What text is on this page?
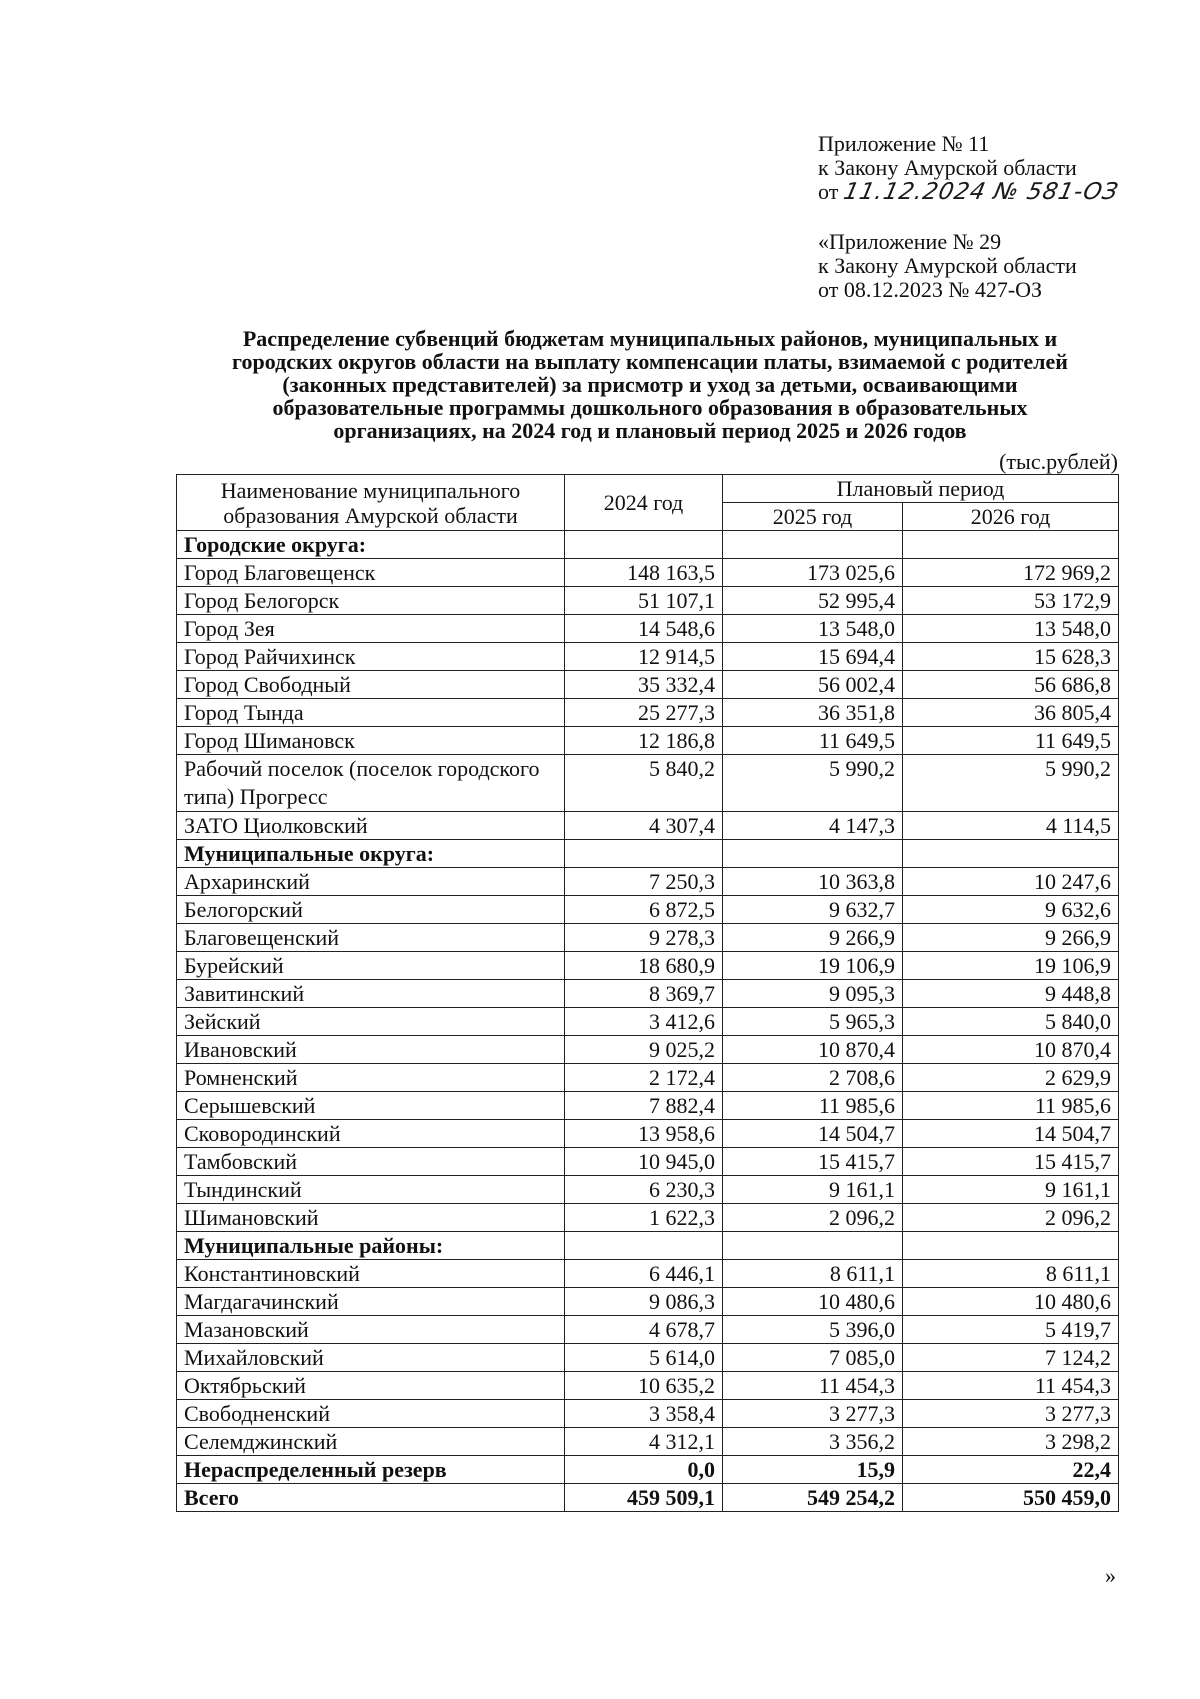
Приложение № 11
к Закону Амурской области
от 11.12.2024 № 581-ОЗ
«Приложение № 29
к Закону Амурской области
от 08.12.2023 № 427-ОЗ
Распределение субвенций бюджетам муниципальных районов, муниципальных и
городских округов области на выплату компенсации платы, взимаемой с родителей
(законных представителей) за присмотр и уход за детьми, осваивающими
образовательные программы дошкольного образования в образовательных
организациях, на 2024 год и плановый период 2025 и 2026 годов
(тыс.рублей)
Наименование муниципального образования Амурской области	2024 год	Плановый период	
		2025 год	2026 год
Городские округа:			
Город Благовещенск	148 163,5	173 025,6	172 969,2
Город Белогорск	51 107,1	52 995,4	53 172,9
Город Зея	14 548,6	13 548,0	13 548,0
Город Райчихинск	12 914,5	15 694,4	15 628,3
Город Свободный	35 332,4	56 002,4	56 686,8
Город Тында	25 277,3	36 351,8	36 805,4
Город Шимановск	12 186,8	11 649,5	11 649,5
Рабочий поселок (поселок городского типа) Прогресс	5 840,2	5 990,2	5 990,2
ЗАТО Циолковский	4 307,4	4 147,3	4 114,5
Муниципальные округа:			
Архаринский	7 250,3	10 363,8	10 247,6
Белогорский	6 872,5	9 632,7	9 632,6
Благовещенский	9 278,3	9 266,9	9 266,9
Бурейский	18 680,9	19 106,9	19 106,9
Завитинский	8 369,7	9 095,3	9 448,8
Зейский	3 412,6	5 965,3	5 840,0
Ивановский	9 025,2	10 870,4	10 870,4
Ромненский	2 172,4	2 708,6	2 629,9
Серышевский	7 882,4	11 985,6	11 985,6
Сковородинский	13 958,6	14 504,7	14 504,7
Тамбовский	10 945,0	15 415,7	15 415,7
Тындинский	6 230,3	9 161,1	9 161,1
Шимановский	1 622,3	2 096,2	2 096,2
Муниципальные районы:			
Константиновский	6 446,1	8 611,1	8 611,1
Магдагачинский	9 086,3	10 480,6	10 480,6
Мазановский	4 678,7	5 396,0	5 419,7
Михайловский	5 614,0	7 085,0	7 124,2
Октябрьский	10 635,2	11 454,3	11 454,3
Свободненский	3 358,4	3 277,3	3 277,3
Селемджинский	4 312,1	3 356,2	3 298,2
Нераспределенный резерв	0,0	15,9	22,4
Всего	459 509,1	549 254,2	550 459,0
»
